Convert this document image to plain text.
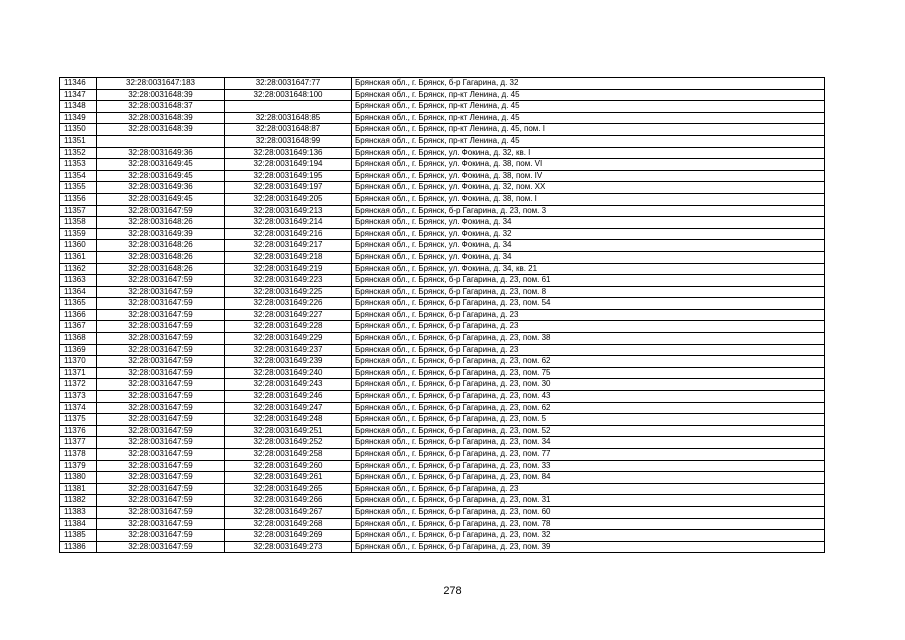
11346	32:28:0031647:183	32:28:0031647:77	Брянская обл., г. Брянск, б-р Гагарина, д. 32
11347	32:28:0031648:39	32:28:0031648:100	Брянская обл., г. Брянск, пр-кт Ленина, д. 45
11348	32:28:0031648:37		Брянская обл., г. Брянск, пр-кт Ленина, д. 45
11349	32:28:0031648:39	32:28:0031648:85	Брянская обл., г. Брянск, пр-кт Ленина, д. 45
11350	32:28:0031648:39	32:28:0031648:87	Брянская обл., г. Брянск, пр-кт Ленина, д. 45, пом. I
11351		32:28:0031648:99	Брянская обл., г. Брянск, пр-кт Ленина, д. 45
11352	32:28:0031649:36	32:28:0031649:136	Брянская обл., г. Брянск, ул. Фокина, д. 32, кв. I
11353	32:28:0031649:45	32:28:0031649:194	Брянская обл., г. Брянск, ул. Фокина, д. 38, пом. VI
11354	32:28:0031649:45	32:28:0031649:195	Брянская обл., г. Брянск, ул. Фокина, д. 38, пом. IV
11355	32:28:0031649:36	32:28:0031649:197	Брянская обл., г. Брянск, ул. Фокина, д. 32, пом. XX
11356	32:28:0031649:45	32:28:0031649:205	Брянская обл., г. Брянск, ул. Фокина, д. 38, пом. I
11357	32:28:0031647:59	32:28:0031649:213	Брянская обл., г. Брянск, б-р Гагарина, д. 23, пом. 3
11358	32:28:0031648:26	32:28:0031649:214	Брянская обл., г. Брянск, ул. Фокина, д. 34
11359	32:28:0031649:39	32:28:0031649:216	Брянская обл., г. Брянск, ул. Фокина, д. 32
11360	32:28:0031648:26	32:28:0031649:217	Брянская обл., г. Брянск, ул. Фокина, д. 34
11361	32:28:0031648:26	32:28:0031649:218	Брянская обл., г. Брянск, ул. Фокина, д. 34
11362	32:28:0031648:26	32:28:0031649:219	Брянская обл., г. Брянск, ул. Фокина, д. 34, кв. 21
11363	32:28:0031647:59	32:28:0031649:223	Брянская обл., г. Брянск, б-р Гагарина, д. 23, пом. 61
11364	32:28:0031647:59	32:28:0031649:225	Брянская обл., г. Брянск, б-р Гагарина, д. 23, пом. 8
11365	32:28:0031647:59	32:28:0031649:226	Брянская обл., г. Брянск, б-р Гагарина, д. 23, пом. 54
11366	32:28:0031647:59	32:28:0031649:227	Брянская обл., г. Брянск, б-р Гагарина, д. 23
11367	32:28:0031647:59	32:28:0031649:228	Брянская обл., г. Брянск, б-р Гагарина, д. 23
11368	32:28:0031647:59	32:28:0031649:229	Брянская обл., г. Брянск, б-р Гагарина, д. 23, пом. 38
11369	32:28:0031647:59	32:28:0031649:237	Брянская обл., г. Брянск, б-р Гагарина, д. 23
11370	32:28:0031647:59	32:28:0031649:239	Брянская обл., г. Брянск, б-р Гагарина, д. 23, пом. 62
11371	32:28:0031647:59	32:28:0031649:240	Брянская обл., г. Брянск, б-р Гагарина, д. 23, пом. 75
11372	32:28:0031647:59	32:28:0031649:243	Брянская обл., г. Брянск, б-р Гагарина, д. 23, пом. 30
11373	32:28:0031647:59	32:28:0031649:246	Брянская обл., г. Брянск, б-р Гагарина, д. 23, пом. 43
11374	32:28:0031647:59	32:28:0031649:247	Брянская обл., г. Брянск, б-р Гагарина, д. 23, пом. 62
11375	32:28:0031647:59	32:28:0031649:248	Брянская обл., г. Брянск, б-р Гагарина, д. 23, пом. 5
11376	32:28:0031647:59	32:28:0031649:251	Брянская обл., г. Брянск, б-р Гагарина, д. 23, пом. 52
11377	32:28:0031647:59	32:28:0031649:252	Брянская обл., г. Брянск, б-р Гагарина, д. 23, пом. 34
11378	32:28:0031647:59	32:28:0031649:258	Брянская обл., г. Брянск, б-р Гагарина, д. 23, пом. 77
11379	32:28:0031647:59	32:28:0031649:260	Брянская обл., г. Брянск, б-р Гагарина, д. 23, пом. 33
11380	32:28:0031647:59	32:28:0031649:261	Брянская обл., г. Брянск, б-р Гагарина, д. 23, пом. 84
11381	32:28:0031647:59	32:28:0031649:265	Брянская обл., г. Брянск, б-р Гагарина, д. 23
11382	32:28:0031647:59	32:28:0031649:266	Брянская обл., г. Брянск, б-р Гагарина, д. 23, пом. 31
11383	32:28:0031647:59	32:28:0031649:267	Брянская обл., г. Брянск, б-р Гагарина, д. 23, пом. 60
11384	32:28:0031647:59	32:28:0031649:268	Брянская обл., г. Брянск, б-р Гагарина, д. 23, пом. 78
11385	32:28:0031647:59	32:28:0031649:269	Брянская обл., г. Брянск, б-р Гагарина, д. 23, пом. 32
11386	32:28:0031647:59	32:28:0031649:273	Брянская обл., г. Брянск, б-р Гагарина, д. 23, пом. 39
278
